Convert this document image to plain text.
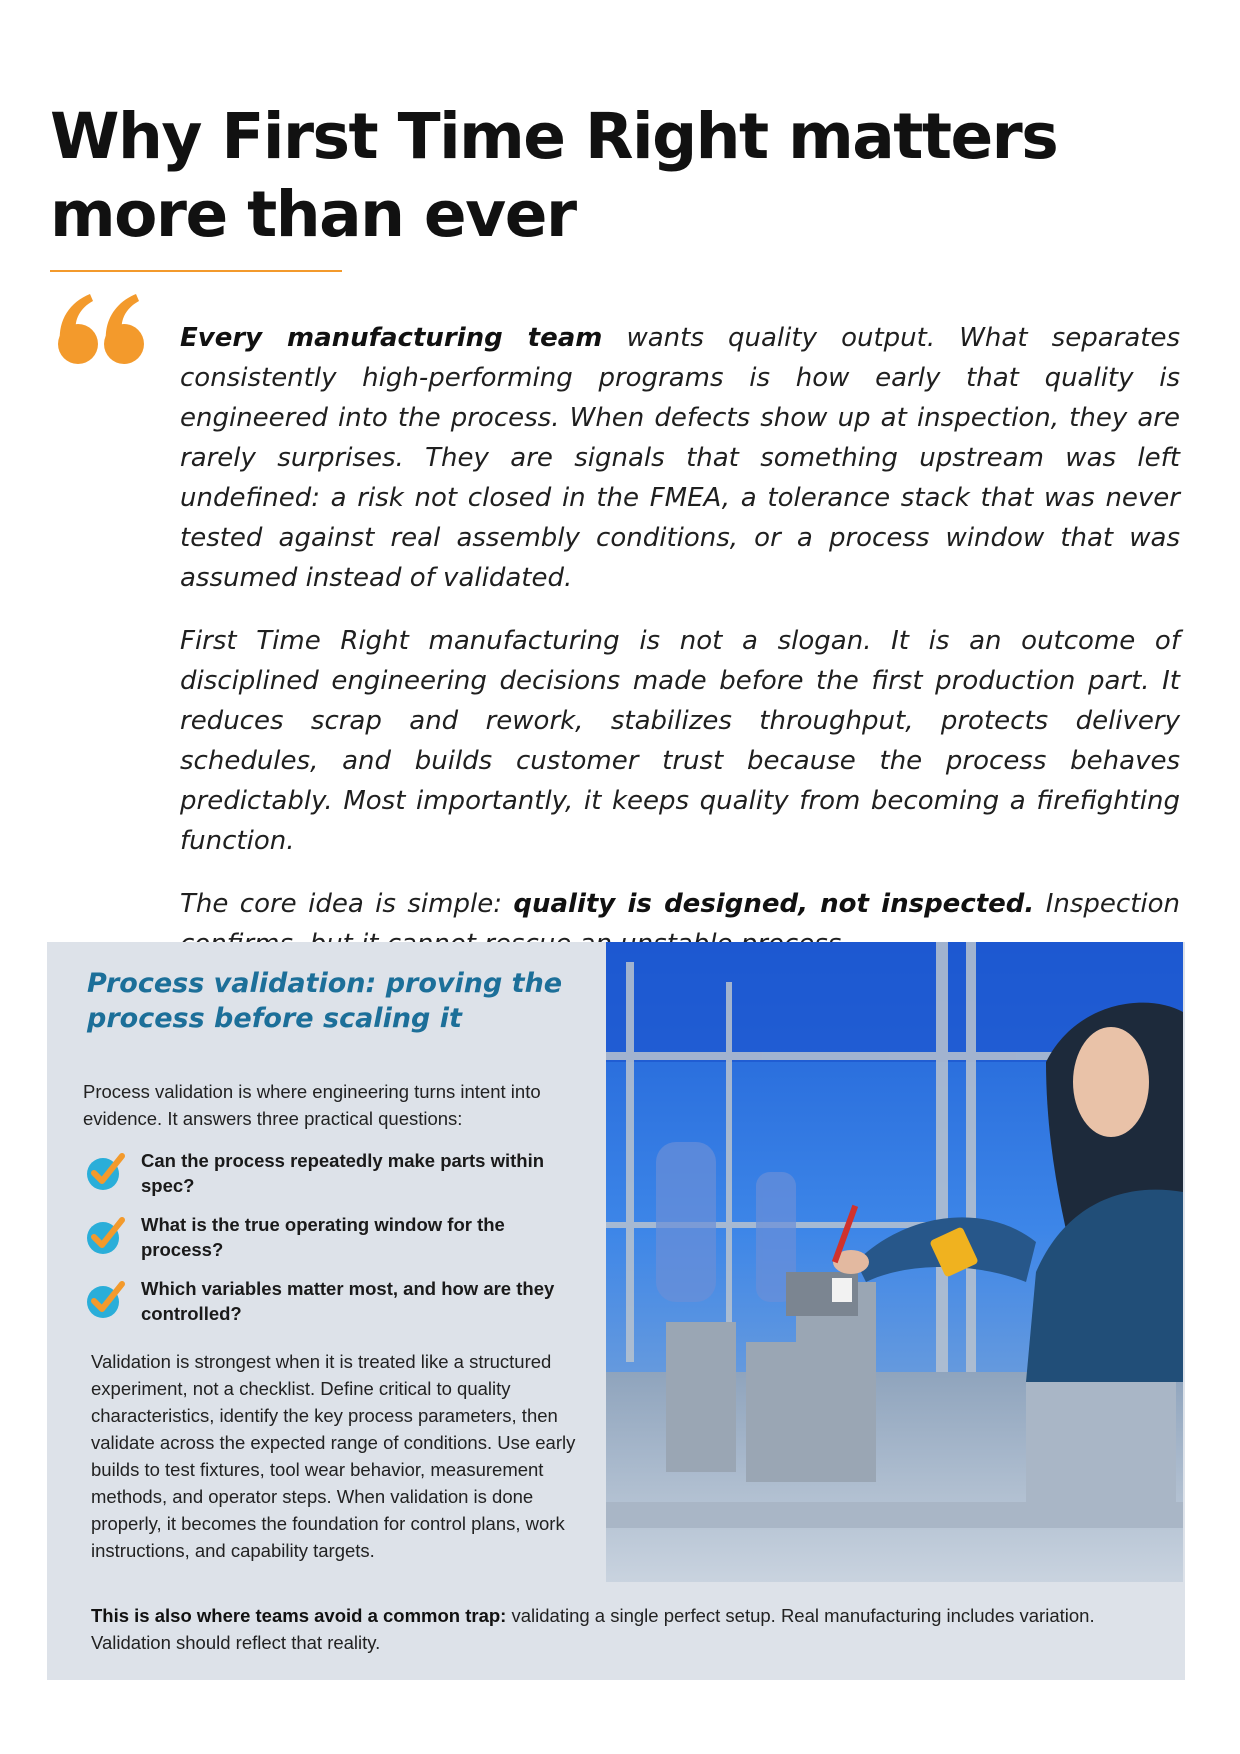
Why First Time Right matters more than ever

Every manufacturing team wants quality output. What separates consistently high-performing programs is how early that quality is engineered into the process. When defects show up at inspection, they are rarely surprises. They are signals that something upstream was left undefined: a risk not closed in the FMEA, a tolerance stack that was never tested against real assembly conditions, or a process window that was assumed instead of validated.

First Time Right manufacturing is not a slogan. It is an outcome of disciplined engineering decisions made before the first production part. It reduces scrap and rework, stabilizes throughput, protects delivery schedules, and builds customer trust because the process behaves predictably. Most importantly, it keeps quality from becoming a firefighting function.

The core idea is simple: quality is designed, not inspected. Inspection

Process validation: proving the process before scaling it

Process validation is where engineering turns intent into evidence. It answers three practical questions:

Can the process repeatedly make parts within spec?
What is the true operating window for the process?
Which variables matter most, and how are they controlled?

Validation is strongest when it is treated like a structured experiment, not a checklist. Define critical to quality characteristics, identify the key process parameters, then validate across the expected range of conditions. Use early builds to test fixtures, tool wear behavior, measurement methods, and operator steps. When validation is done properly, it becomes the foundation for control plans, work instructions, and capability targets.

This is also where teams avoid a common trap: validating a single perfect setup. Real manufacturing includes variation. Validation should reflect that reality.
